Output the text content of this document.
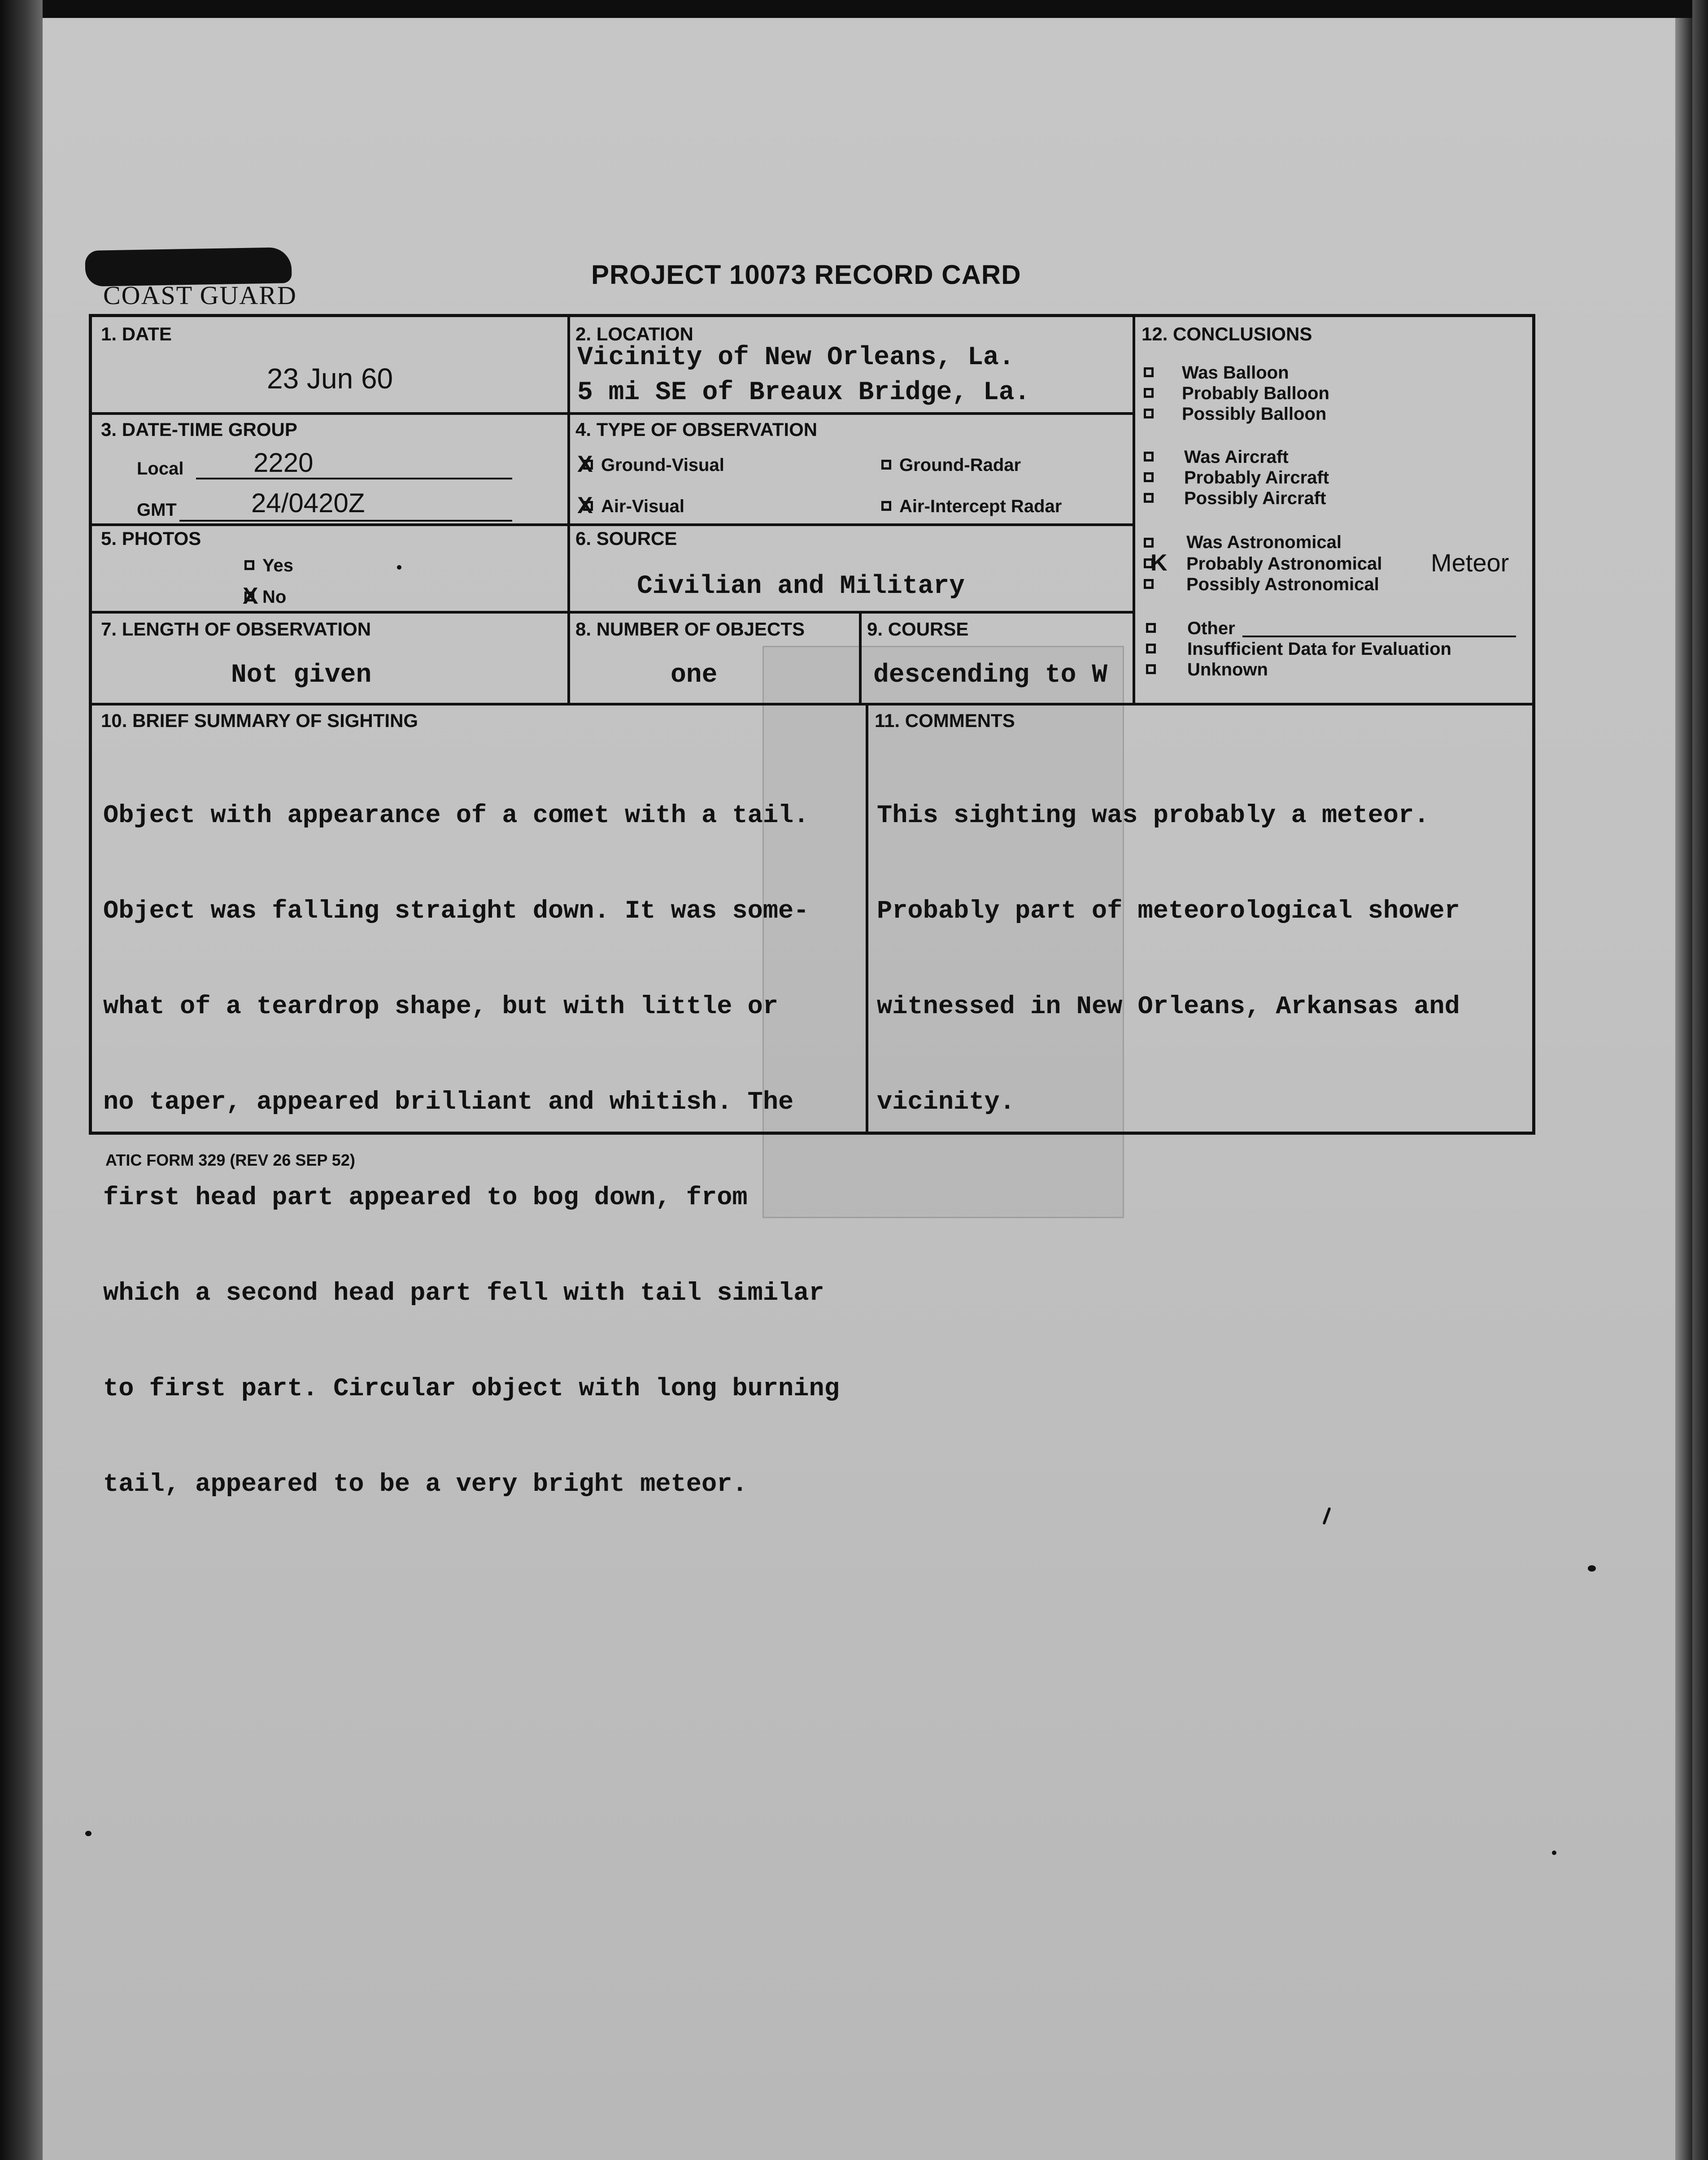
COAST GUARD
PROJECT 10073 RECORD CARD
1. DATE
23 Jun 60
2. LOCATION
Vicinity of New Orleans, La.
5 mi SE of Breaux Bridge, La.
3. DATE-TIME GROUP
Local	2220
GMT	24/0420Z
4. TYPE OF OBSERVATION
X Ground-Visual	Ground-Radar
X Air-Visual	Air-Intercept Radar
5. PHOTOS
Yes
X No
6. SOURCE
Civilian and Military
7. LENGTH OF OBSERVATION
Not given
8. NUMBER OF OBJECTS
one
9. COURSE
descending to W
12. CONCLUSIONS
Was Balloon
Probably Balloon
Possibly Balloon
Was Aircraft
Probably Aircraft
Possibly Aircraft
Was Astronomical
K Probably Astronomical Meteor
Possibly Astronomical
Other
Insufficient Data for Evaluation
Unknown
10. BRIEF SUMMARY OF SIGHTING

Object with appearance of a comet with a tail.

Object was falling straight down. It was some-

what of a teardrop shape, but with little or

no taper, appeared brilliant and whitish. The

first head part appeared to bog down, from

which a second head part fell with tail similar

to first part. Circular object with long burning

tail, appeared to be a very bright meteor.

11. COMMENTS

This sighting was probably a meteor.

Probably part of meteorological shower

witnessed in New Orleans, Arkansas and

vicinity.

ATIC FORM 329 (REV 26 SEP 52)
